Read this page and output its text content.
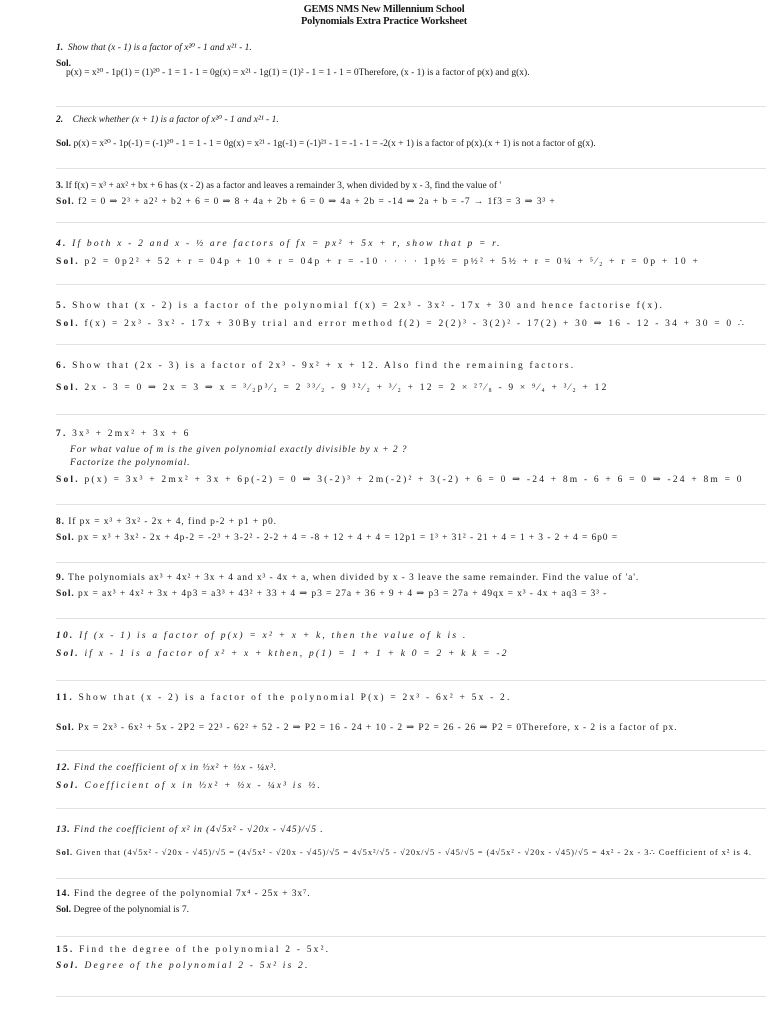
GEMS NMS New Millennium School
Polynomials Extra Practice Worksheet
1. Show that (x - 1) is a factor of x²⁰ - 1 and x²¹ - 1.
Sol.
p(x) = x²⁰ - 1p(1) = (1)²⁰ - 1 = 1 - 1 = 0g(x) = x²¹ - 1g(1) = (1)² - 1 = 1 - 1 = 0Therefore, (x - 1) is a factor of p(x) and g(x).
2. Check whether (x + 1) is a factor of x²⁰ - 1 and x²¹ - 1.
Sol. p(x) = x²⁰ - 1p(-1) = (-1)²⁰ - 1 = 1 - 1 = 0g(x) = x²¹ - 1g(-1) = (-1)²¹ - 1 = -1 - 1 = -2(x + 1) is a factor of p(x).(x + 1) is not a factor of g(x).
3. If f(x) = x³ + ax² + bx + 6 has (x - 2) as a factor and leaves a remainder 3, when divided by x - 3, find the value of '
Sol. f2 = 0 ⇒ 2³ + a2² + b2 + 6 = 0 ⇒ 8 + 4a + 2b + 6 = 0 ⇒ 4a + 2b = -14 ⇒ 2a + b = -7 → 1f3 = 3 ⇒ 3³ +
4. If both x - 2 and x - ½ are factors of fx = px² + 5x + r, show that p = r.
Sol. p2 = 0p2² + 52 + r = 04p + 10 + r = 04p + r = -10 · · · · 1p½ = p½² + 5½ + r = 0¼ + ⁵⁄₂ + r = 0p + 10 +
5. Show that (x - 2) is a factor of the polynomial f(x) = 2x³ - 3x² - 17x + 30 and hence factorise f(x).
Sol. f(x) = 2x³ - 3x² - 17x + 30By trial and error method f(2) = 2(2)³ - 3(2)² - 17(2) + 30 ⇒ 16 - 12 - 34 + 30 = 0 ∴
6. Show that (2x - 3) is a factor of 2x³ - 9x² + x + 12. Also find the remaining factors.
Sol. 2x - 3 = 0 ⇒ 2x = 3 ⇒ x = ³⁄₂p³⁄₂ = 2 ³³⁄₂ - 9 ³²⁄₂ + ³⁄₂ + 12 = 2 × ²⁷⁄₈ - 9 × ⁹⁄₄ + ³⁄₂ + 12
7. 3x³ + 2mx² + 3x + 6
For what value of m is the given polynomial exactly divisible by x + 2 ?
Factorize the polynomial.
Sol. p(x) = 3x³ + 2mx² + 3x + 6p(-2) = 0 ⇒ 3(-2)³ + 2m(-2)² + 3(-2) + 6 = 0 ⇒ -24 + 8m - 6 + 6 = 0 ⇒ -24 + 8m = 0
8. If px = x³ + 3x² - 2x + 4, find p-2 + p1 + p0.
Sol. px = x³ + 3x² - 2x + 4p-2 = -2³ + 3-2² - 2-2 + 4 = -8 + 12 + 4 + 4 = 12p1 = 1³ + 31² - 21 + 4 = 1 + 3 - 2 + 4 = 6p0 =
9. The polynomials ax³ + 4x² + 3x + 4 and x³ - 4x + a, when divided by x - 3 leave the same remainder. Find the value of 'a'.
Sol. px = ax³ + 4x² + 3x + 4p3 = a3³ + 43² + 33 + 4 ⇒ p3 = 27a + 36 + 9 + 4 ⇒ p3 = 27a + 49qx = x³ - 4x + aq3 = 3³ -
10. If (x - 1) is a factor of p(x) = x² + x + k, then the value of k is .
Sol. if x - 1 is a factor of x² + x + kthen, p(1) = 1 + 1 + k 0 = 2 + k k = -2
11. Show that (x - 2) is a factor of the polynomial P(x) = 2x³ - 6x² + 5x - 2.
Sol. Px = 2x³ - 6x² + 5x - 2P2 = 22³ - 62² + 52 - 2 ⇒ P2 = 16 - 24 + 10 - 2 ⇒ P2 = 26 - 26 ⇒ P2 = 0Therefore, x - 2 is a factor of px.
12. Find the coefficient of x in ⅓x² + ½x - ¼x³.
Sol. Coefficient of x in ⅓x² + ½x - ¼x³ is ½.
13. Find the coefficient of x² in (4√5x² - √20x - √45)/√5 .
Sol. Given that (4√5x² - √20x - √45)/√5 = (4√5x² - √20x - √45)/√5 = 4√5x²/√5 - √20x/√5 - √45/√5 = (4√5x² - √20x - √45)/√5 = 4x² - 2x - 3∴ Coefficient of x² is 4.
14. Find the degree of the polynomial 7x⁴ - 25x + 3x⁷.
Sol. Degree of the polynomial is 7.
15. Find the degree of the polynomial 2 - 5x².
Sol. Degree of the polynomial 2 - 5x² is 2.
